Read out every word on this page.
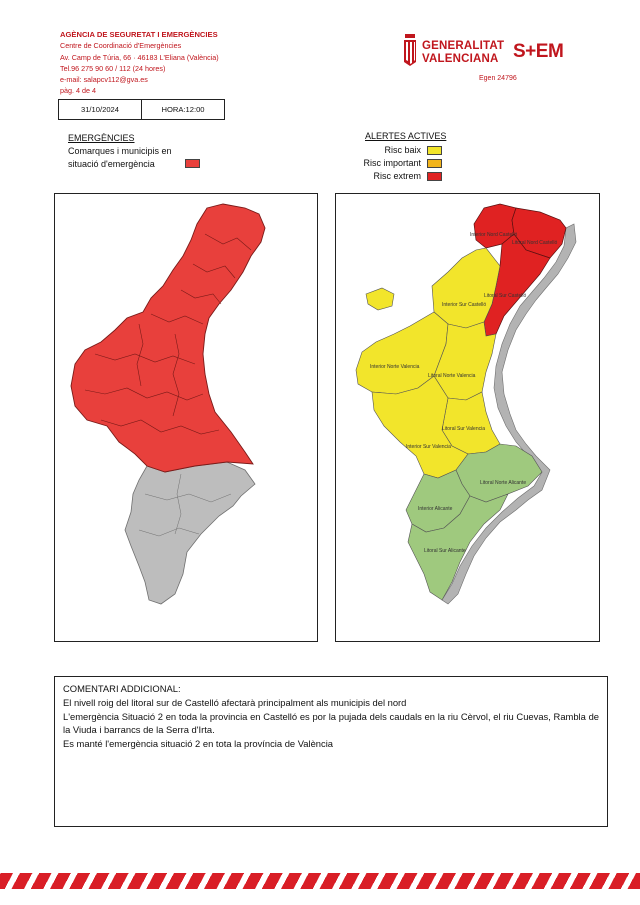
AGÈNCIA DE SEGURETAT I EMERGÈNCIES
Centre de Coordinació d'Emergències
Av. Camp de Túria, 66 · 46183 L'Eliana (València)
Tel.96 275 90 60 / 112 (24 hores)
e-mail: salapcv112@gva.es
pàg. 4 de 4
GENERALITAT
VALENCIANA S+EM
Egen 24796
31/10/2024	HORA:12:00
EMERGÈNCIES
Comarques i municipis en situació d'emergència
ALERTES ACTIVES
Risc baix
Risc important
Risc extrem
Interior Nord Castelló
Litoral Nord Castelló
Litoral Sur Castelló
Interior Sur Castelló
Interior Norte Valencia
Litoral Norte Valencia
Litoral Sur Valencia
Interior Sur Valencia
Litoral Norte Alicante
Interior Alicante
Litoral Sur Alicante

COMENTARI ADDICIONAL:

El nivell roig del litoral sur de Castelló afectarà principalment als municipis del nord

L'emergència Situació 2 en toda la provincia en Castelló es por la pujada dels caudals en la riu Cèrvol, el riu Cuevas, Rambla de la Viuda i barrancs de la Serra d'Irta.

Es manté l'emergència situació 2 en tota la província de València
